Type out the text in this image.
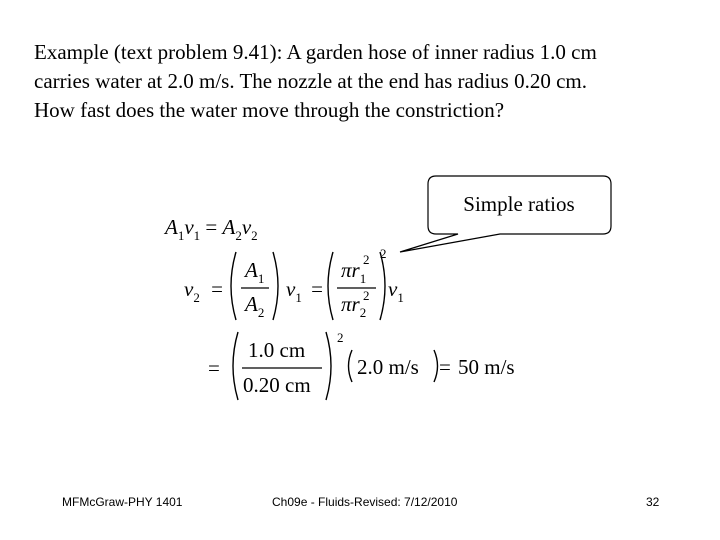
Example (text problem 9.41): A garden hose of inner radius 1.0 cm
carries water at 2.0 m/s. The nozzle at the end has radius 0.20 cm.
How fast does the water move through the constriction?
Simple ratios
$A_1v_1 = A_2v_2$
$v_2$ =
$A_1$
$A_2$
$v_1$ =
$\pi r_1$
2
$\pi r_2$
2
2
$v_1$
=
1.0 cm
0.20 cm
2
2.0 m/s = 50 m/s
MFMcGraw-PHY 1401	Ch09e - Fluids-Revised: 7/12/2010	32
